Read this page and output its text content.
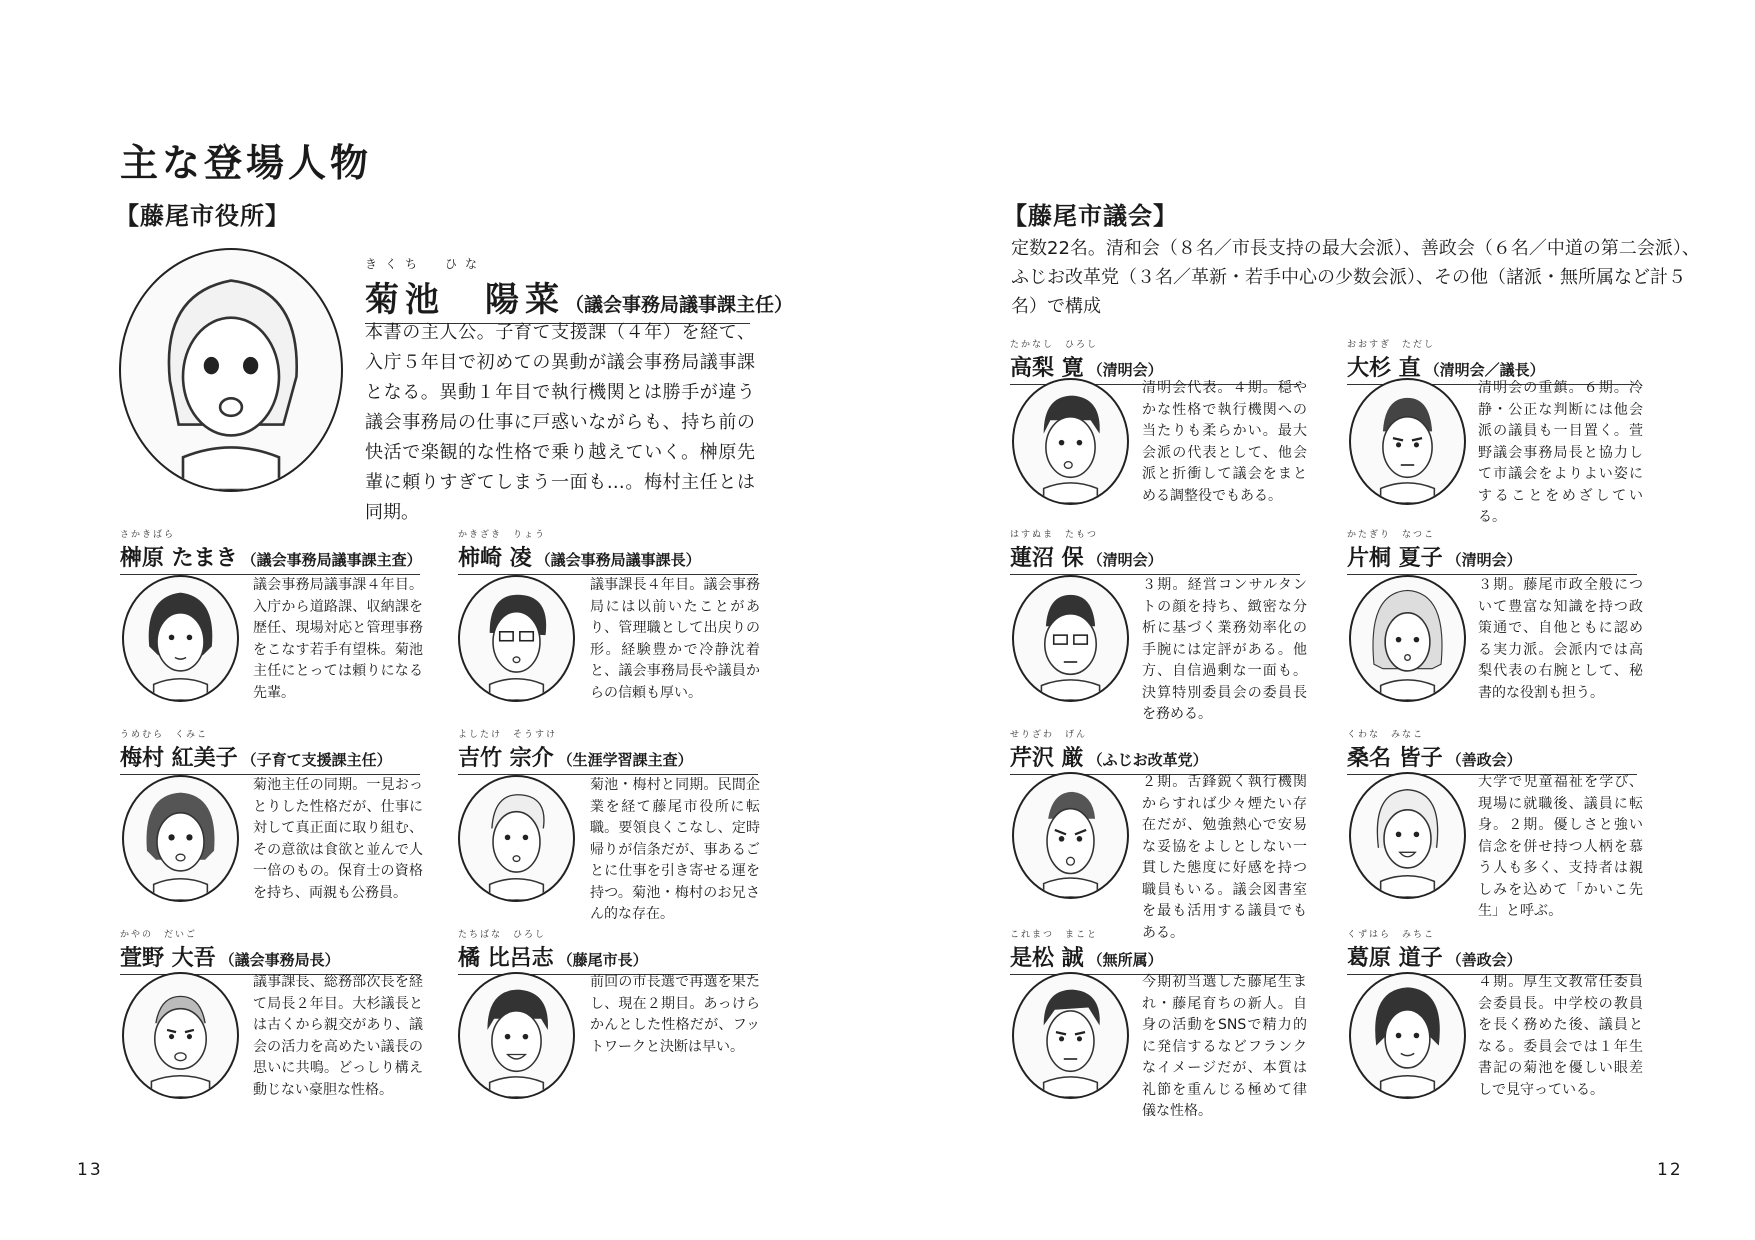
主な登場人物
【藤尾市役所】	【藤尾市議会】
定数22名。清和会（８名／市長支持の最大会派）、善政会（６名／中道の第二会派）、ふじお改革党（３名／革新・若手中心の少数会派）、その他（諸派・無所属など計５名）で構成
きくち　ひな
菊池　陽菜（議会事務局議事課主任）
本書の主人公。子育て支援課（４年）を経て、入庁５年目で初めての異動が議会事務局議事課となる。異動１年目で執行機関とは勝手が違う議会事務局の仕事に戸惑いながらも、持ち前の快活で楽観的な性格で乗り越えていく。榊原先輩に頼りすぎてしまう一面も…。梅村主任とは同期。
さかきばら
榊原 たまき （議会事務局議事課主査）
議会事務局議事課４年目。入庁から道路課、収納課を歴任、現場対応と管理事務をこなす若手有望株。菊池主任にとっては頼りになる先輩。
かきざき　りょう
柿崎 凌 （議会事務局議事課長）
議事課長４年目。議会事務局には以前いたことがあり、管理職として出戻りの形。経験豊かで冷静沈着と、議会事務局長や議員からの信頼も厚い。
うめむら　くみこ
梅村 紅美子 （子育て支援課主任）
菊池主任の同期。一見おっとりした性格だが、仕事に対して真正面に取り組む、その意欲は食欲と並んで人一倍のもの。保育士の資格を持ち、両親も公務員。
よしたけ　そうすけ
吉竹 宗介 （生涯学習課主査）
菊池・梅村と同期。民間企業を経て藤尾市役所に転職。要領良くこなし、定時帰りが信条だが、事あるごとに仕事を引き寄せる運を持つ。菊池・梅村のお兄さん的な存在。
かやの　だいご
萱野 大吾 （議会事務局長）
議事課長、総務部次長を経て局長２年目。大杉議長とは古くから親交があり、議会の活力を高めたい議長の思いに共鳴。どっしり構え動じない豪胆な性格。
たちばな　ひろし
橘 比呂志 （藤尾市長）
前回の市長選で再選を果たし、現在２期目。あっけらかんとした性格だが、フットワークと決断は早い。
たかなし　ひろし
高梨 寛 （清明会）
清明会代表。４期。穏やかな性格で執行機関への当たりも柔らかい。最大会派の代表として、他会派と折衝して議会をまとめる調整役でもある。
おおすぎ　ただし
大杉 直 （清明会／議長）
清明会の重鎮。６期。冷静・公正な判断には他会派の議員も一目置く。萱野議会事務局長と協力して市議会をよりよい姿にすることをめざしている。
はすぬま　たもつ
蓮沼 保 （清明会）
３期。経営コンサルタントの顔を持ち、緻密な分析に基づく業務効率化の手腕には定評がある。他方、自信過剰な一面も。決算特別委員会の委員長を務める。
かたぎり　なつこ
片桐 夏子 （清明会）
３期。藤尾市政全般について豊富な知識を持つ政策通で、自他ともに認める実力派。会派内では高梨代表の右腕として、秘書的な役割も担う。
せりざわ　げん
芹沢 厳 （ふじお改革党）
２期。舌鋒鋭く執行機関からすれば少々煙たい存在だが、勉強熱心で安易な妥協をよしとしない一貫した態度に好感を持つ職員もいる。議会図書室を最も活用する議員でもある。
くわな　みなこ
桑名 皆子 （善政会）
大学で児童福祉を学び、現場に就職後、議員に転身。２期。優しさと強い信念を併せ持つ人柄を慕う人も多く、支持者は親しみを込めて「かいこ先生」と呼ぶ。
これまつ　まこと
是松 誠 （無所属）
今期初当選した藤尾生まれ・藤尾育ちの新人。自身の活動をSNSで精力的に発信するなどフランクなイメージだが、本質は礼節を重んじる極めて律儀な性格。
くずはら　みちこ
葛原 道子 （善政会）
４期。厚生文教常任委員会委員長。中学校の教員を長く務めた後、議員となる。委員会では１年生書記の菊池を優しい眼差しで見守っている。
13	12
